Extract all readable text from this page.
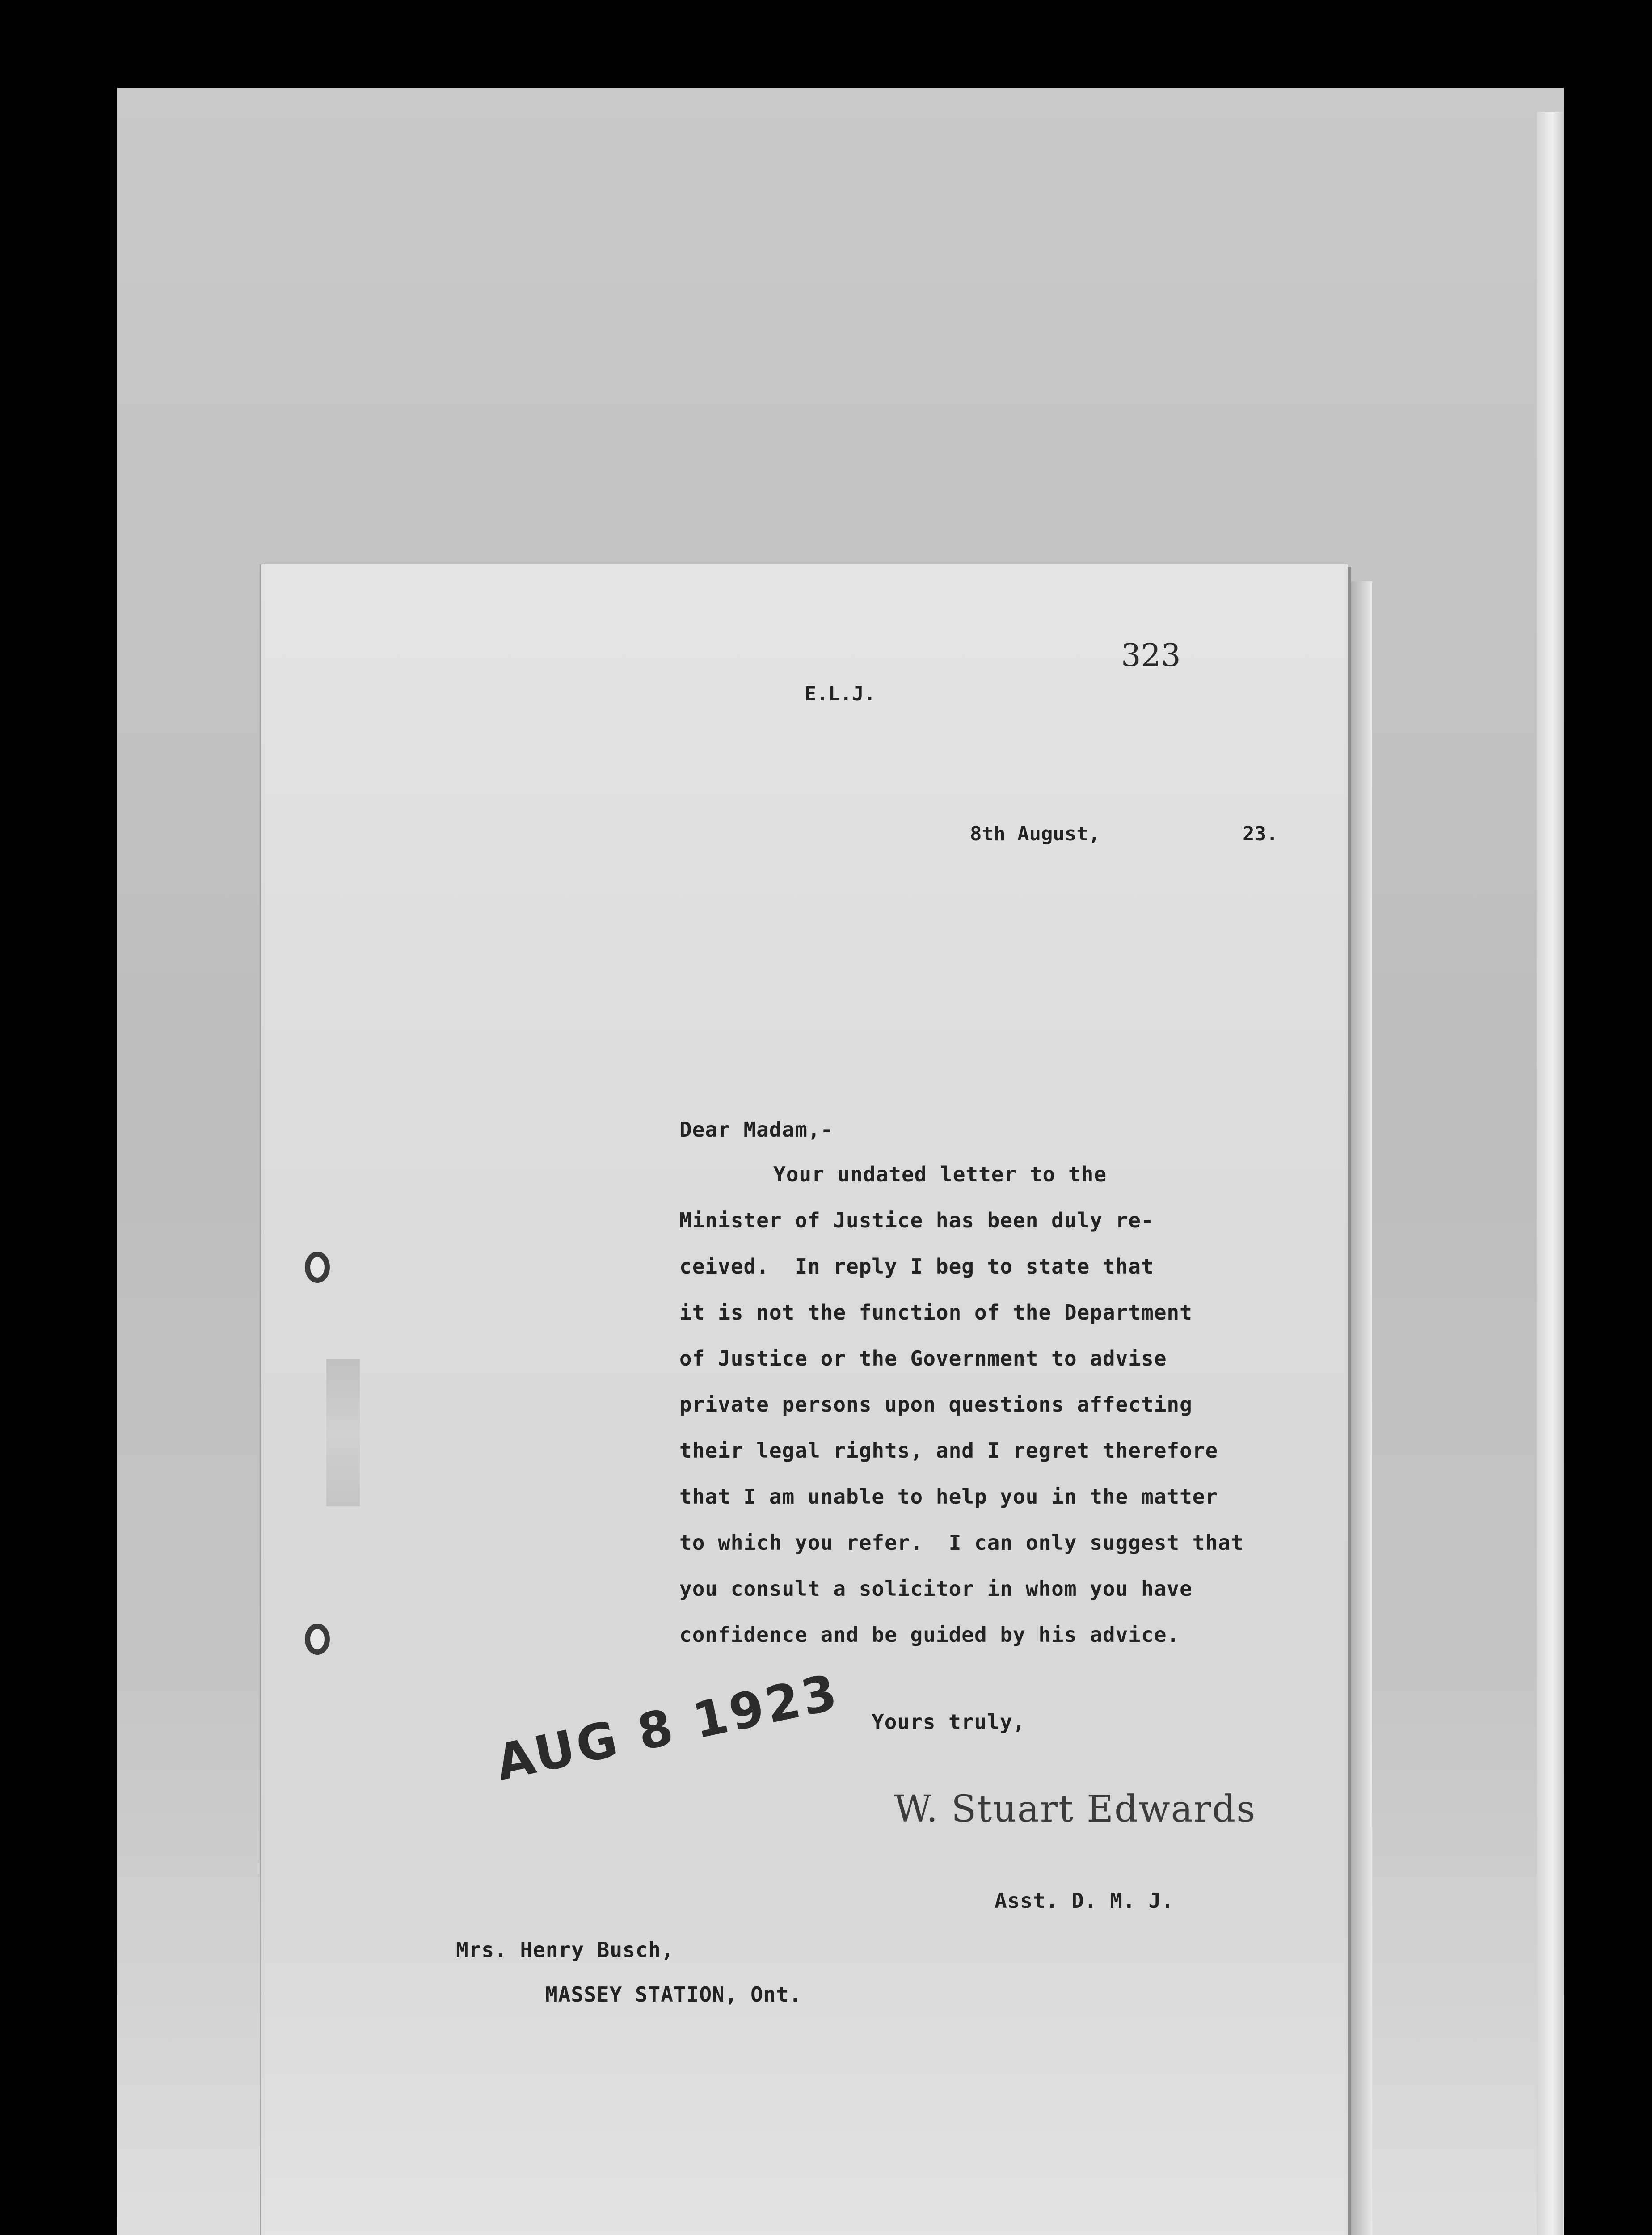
323
E.L.J.
8th August,	23.
Dear Madam,-
Your undated letter to the
Minister of Justice has been duly re-
ceived.  In reply I beg to state that
it is not the function of the Department
of Justice or the Government to advise
private persons upon questions affecting
their legal rights, and I regret therefore
that I am unable to help you in the matter
to which you refer.  I can only suggest that
you consult a solicitor in whom you have
confidence and be guided by his advice.
Yours truly,
AUG 8 1923
W. Stuart Edwards
Asst. D. M. J.
Mrs. Henry Busch,
MASSEY STATION, Ont.
